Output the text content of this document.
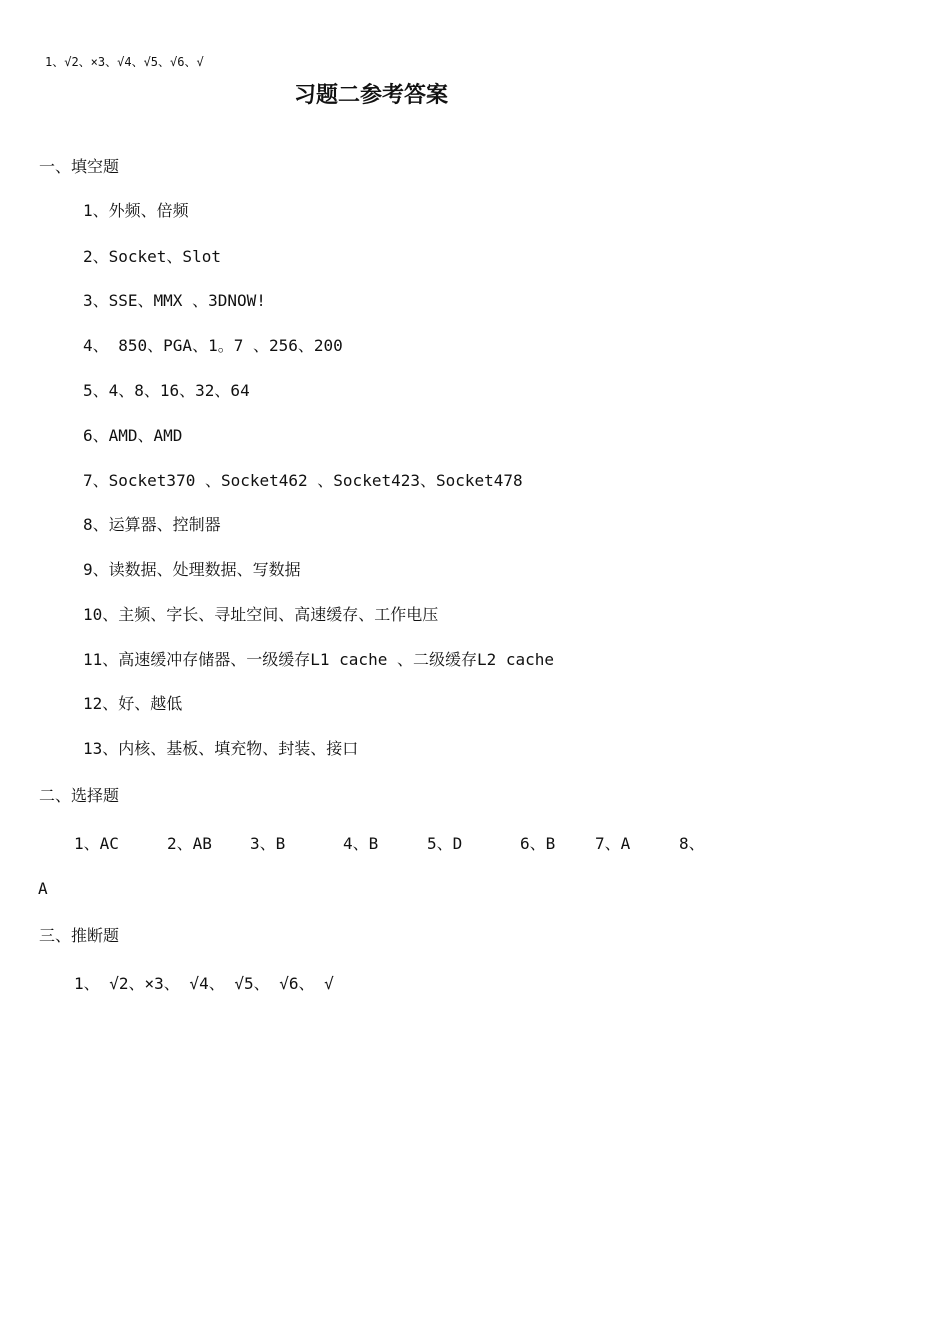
1、√2、×3、√4、√5、√6、√
习题二参考答案
一、填空题
1、外频、倍频
2、Socket、Slot
3、SSE、MMX 、3DNOW!
4、 850、PGA、1。7 、256、200
5、4、8、16、32、64
6、AMD、AMD
7、Socket370 、Socket462 、Socket423、Socket478
8、运算器、控制器
9、读数据、处理数据、写数据
10、主频、字长、寻址空间、高速缓存、工作电压
11、高速缓冲存储器、一级缓存L1 cache 、二级缓存L2 cache
12、好、越低
13、内核、基板、填充物、封装、接口
二、选择题

1、AC

	2、AB

3、B

	4、B

	5、D

	6、B

7、A

	8、

A
三、推断题
1、 √2、×3、 √4、 √5、 √6、 √
